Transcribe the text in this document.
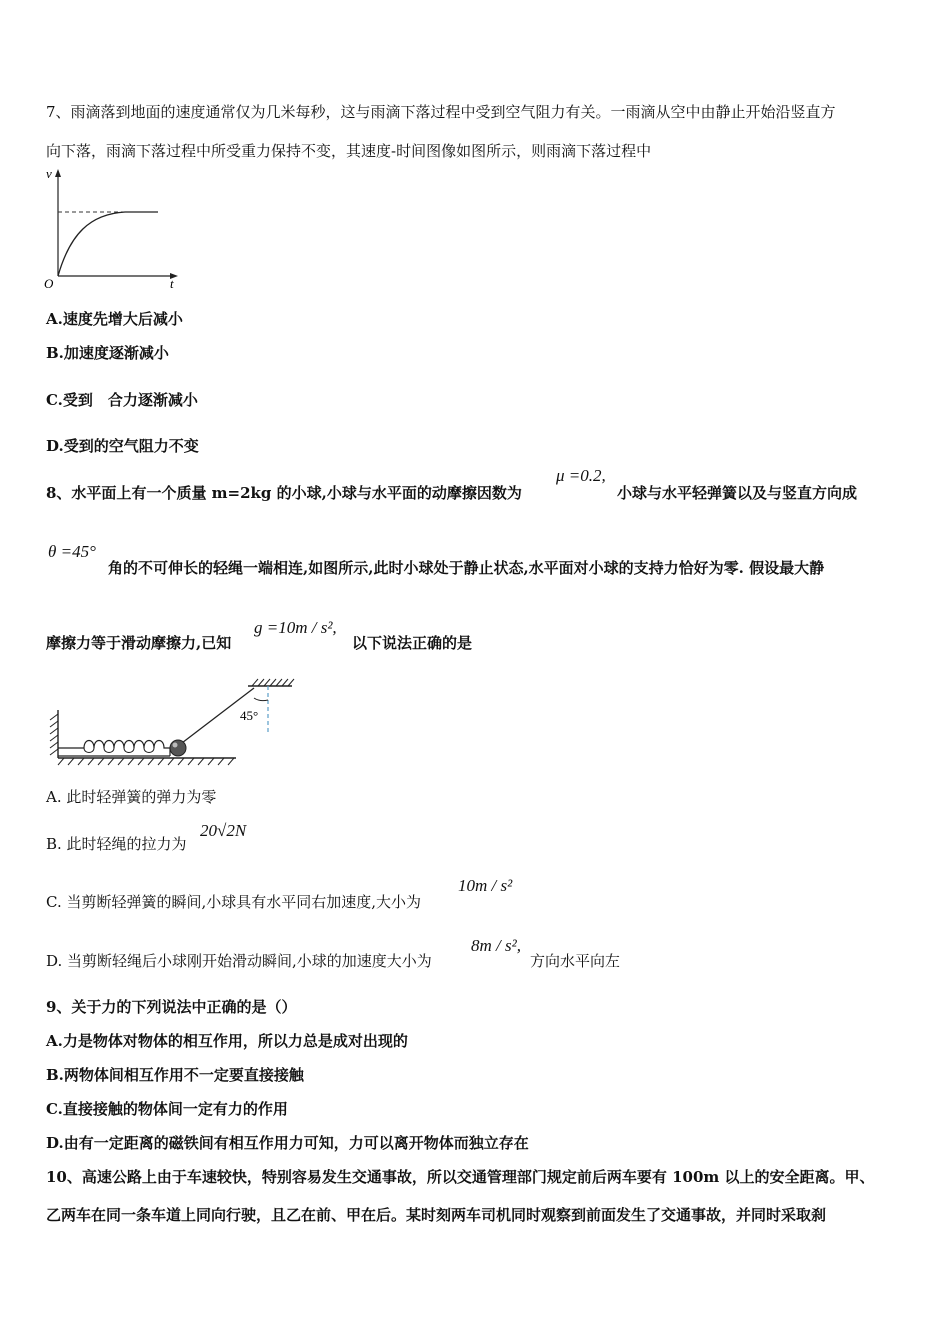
7、雨滴落到地面的速度通常仅为几米每秒，这与雨滴下落过程中受到空气阻力有关。一雨滴从空中由静止开始沿竖直方
向下落，雨滴下落过程中所受重力保持不变，其速度-时间图像如图所示，则雨滴下落过程中
v
t
O
A.速度先增大后减小
B.加速度逐渐减小
C.受到　合力逐渐减小
D.受到的空气阻力不变
8、水平面上有一个质量 m=2kg 的小球,小球与水平面的动摩擦因数为
μ =0.2,
小球与水平轻弹簧以及与竖直方向成
θ =45°
角的不可伸长的轻绳一端相连,如图所示,此时小球处于静止状态,水平面对小球的支持力恰好为零. 假设最大静
摩擦力等于滑动摩擦力,已知
g =10m / s²,
以下说法正确的是
45°
A. 此时轻弹簧的弹力为零
B. 此时轻绳的拉力为
20√2N
C. 当剪断轻弹簧的瞬间,小球具有水平同右加速度,大小为
10m / s²
D. 当剪断轻绳后小球刚开始滑动瞬间,小球的加速度大小为
8m / s²,
方向水平向左
9、关于力的下列说法中正确的是（）
A.力是物体对物体的相互作用，所以力总是成对出现的
B.两物体间相互作用不一定要直接接触
C.直接接触的物体间一定有力的作用
D.由有一定距离的磁铁间有相互作用力可知，力可以离开物体而独立存在
10、高速公路上由于车速较快，特别容易发生交通事故，所以交通管理部门规定前后两车要有 100m 以上的安全距离。甲、
乙两车在同一条车道上同向行驶，且乙在前、甲在后。某时刻两车司机同时观察到前面发生了交通事故，并同时采取刹
